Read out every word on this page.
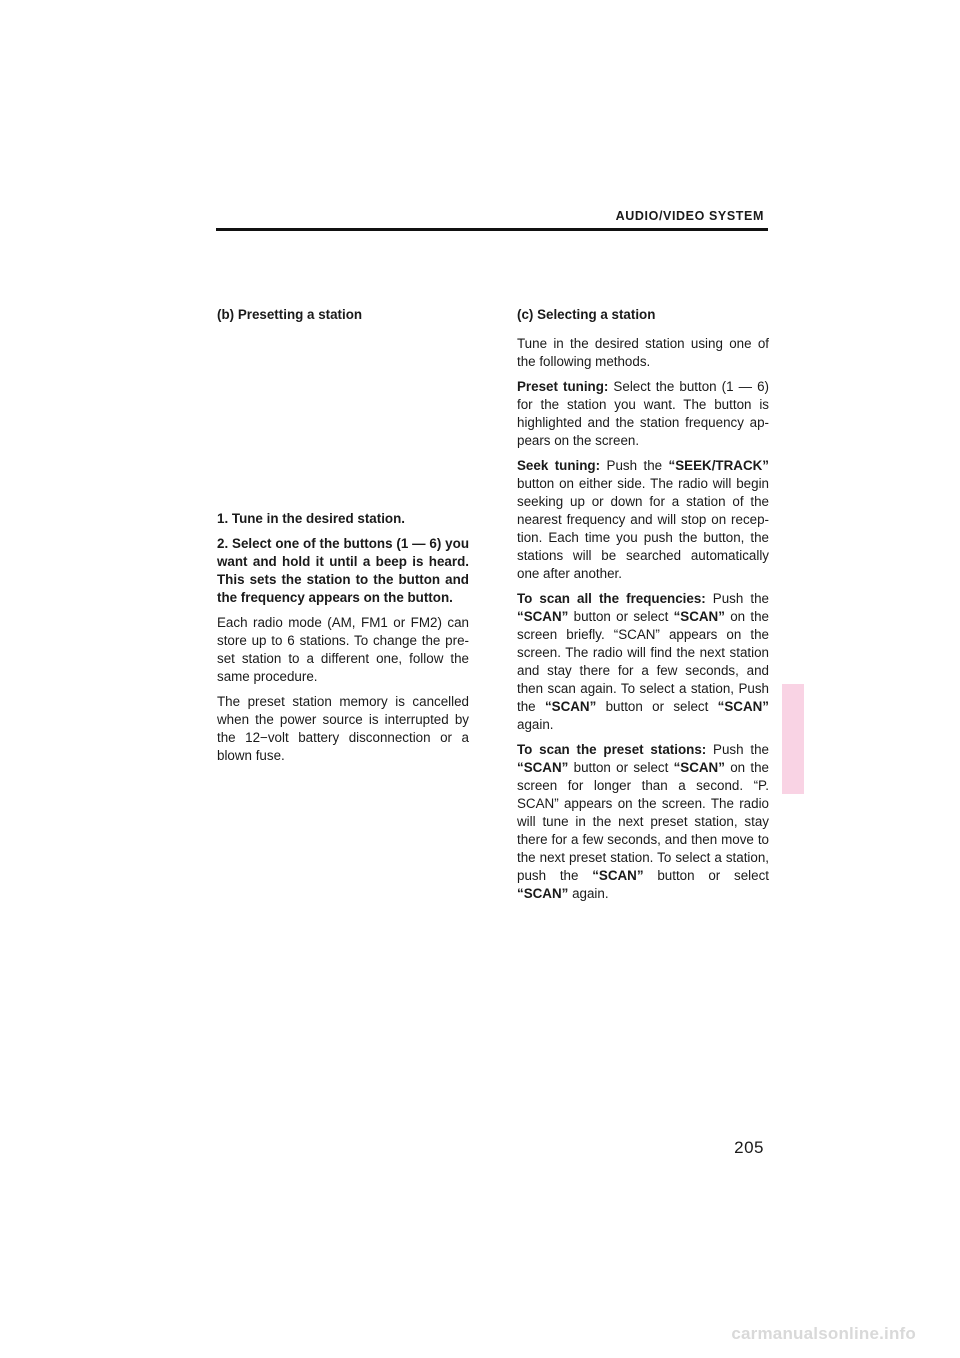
AUDIO/VIDEO SYSTEM
(b) Presetting a station

1. Tune in the desired station.

2. Select one of the buttons (1 — 6) you want and hold it until a beep is heard. This sets the station to the button and the frequency appears on the button.

Each radio mode (AM, FM1 or FM2) can store up to 6 stations. To change the pre-set station to a different one, follow the same procedure.

The preset station memory is cancelled when the power source is interrupted by the 12−volt battery disconnection or a blown fuse.

(c) Selecting a station

Tune in the desired station using one of the following methods.

Preset tuning: Select the button (1 — 6) for the station you want. The button is highlighted and the station frequency ap-pears on the screen.

Seek tuning: Push the “SEEK/TRACK” button on either side. The radio will begin seeking up or down for a station of the nearest frequency and will stop on recep-tion. Each time you push the button, the stations will be searched automatically one after another.

To scan all the frequencies: Push the “SCAN” button or select “SCAN” on the screen briefly. “SCAN” appears on the screen. The radio will find the next station and stay there for a few seconds, and then scan again. To select a station, Push the “SCAN” button or select “SCAN” again.

To scan the preset stations: Push the “SCAN” button or select “SCAN” on the screen for longer than a second. “P. SCAN” appears on the screen. The radio will tune in the next preset station, stay there for a few seconds, and then move to the next preset station. To select a station, push the “SCAN” button or select “SCAN” again.

205
carmanualsonline.info
